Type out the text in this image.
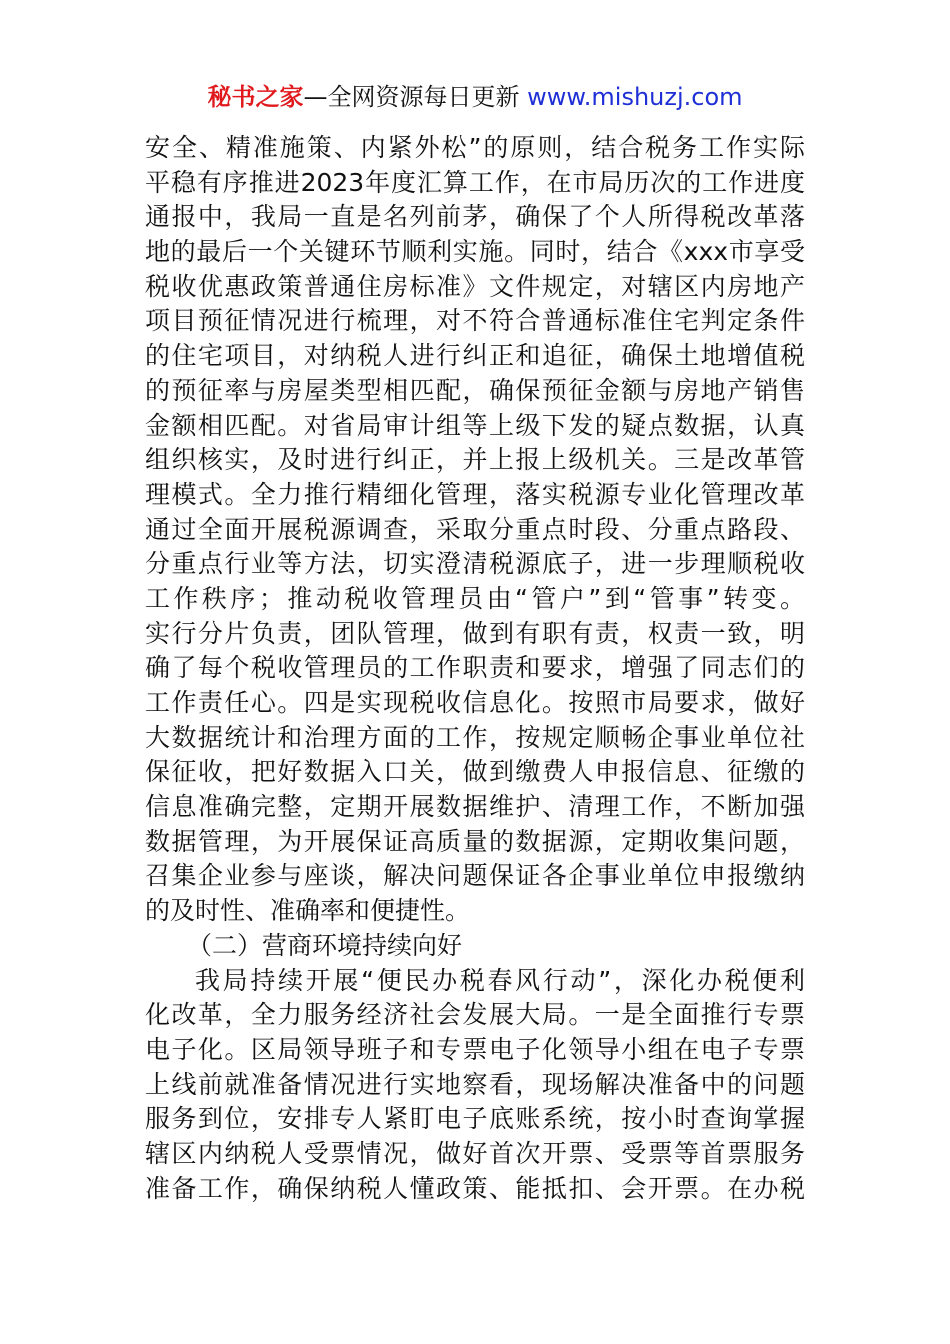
秘书之家—全网资源每日更新 www.mishuzj.com
安全、精准施策、内紧外松”的原则，结合税务工作实际
平稳有序推进2023年度汇算工作，在市局历次的工作进度
通报中，我局一直是名列前茅，确保了个人所得税改革落
地的最后一个关键环节顺利实施。同时，结合《xxx市享受
税收优惠政策普通住房标准》文件规定，对辖区内房地产
项目预征情况进行梳理，对不符合普通标准住宅判定条件
的住宅项目，对纳税人进行纠正和追征，确保土地增值税
的预征率与房屋类型相匹配，确保预征金额与房地产销售
金额相匹配。对省局审计组等上级下发的疑点数据，认真
组织核实，及时进行纠正，并上报上级机关。三是改革管
理模式。全力推行精细化管理，落实税源专业化管理改革
通过全面开展税源调查，采取分重点时段、分重点路段、
分重点行业等方法，切实澄清税源底子，进一步理顺税收
工作秩序；推动税收管理员由“管户”到“管事”转变。
实行分片负责，团队管理，做到有职有责，权责一致，明
确了每个税收管理员的工作职责和要求，增强了同志们的
工作责任心。四是实现税收信息化。按照市局要求，做好
大数据统计和治理方面的工作，按规定顺畅企事业单位社
保征收，把好数据入口关，做到缴费人申报信息、征缴的
信息准确完整，定期开展数据维护、清理工作，不断加强
数据管理，为开展保证高质量的数据源，定期收集问题，
召集企业参与座谈，解决问题保证各企事业单位申报缴纳
的及时性、准确率和便捷性。
（二）营商环境持续向好
我局持续开展“便民办税春风行动”，深化办税便利
化改革，全力服务经济社会发展大局。一是全面推行专票
电子化。区局领导班子和专票电子化领导小组在电子专票
上线前就准备情况进行实地察看，现场解决准备中的问题
服务到位，安排专人紧盯电子底账系统，按小时查询掌握
辖区内纳税人受票情况，做好首次开票、受票等首票服务
准备工作，确保纳税人懂政策、能抵扣、会开票。在办税
